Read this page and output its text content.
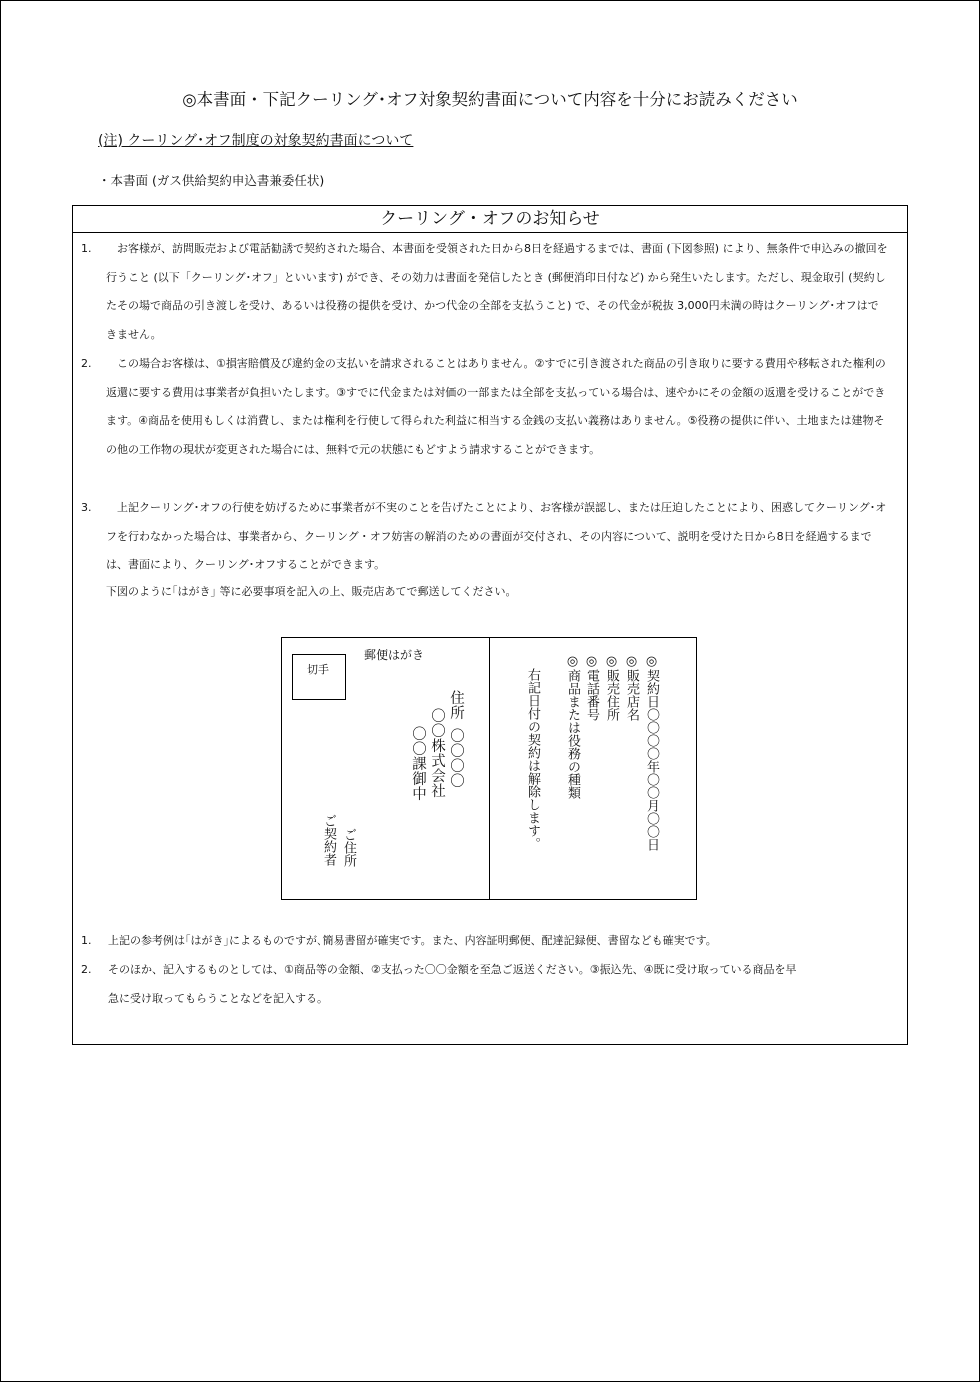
◎本書面・下記クーリング･オフ対象契約書面について内容を十分にお読みください
(注) クーリング･オフ制度の対象契約書面について
・本書面 (ガス供給契約申込書兼委任状)
クーリング・オフのお知らせ
1.	お客様が、訪問販売および電話勧誘で契約された場合、本書面を受領された日から8日を経過するまでは、書面 (下図参照) により、無条件で申込みの撤回を行うこと (以下「クーリング･オフ」といいます) ができ、その効力は書面を発信したとき (郵便消印日付など) から発生いたします。ただし、現金取引 (契約したその場で商品の引き渡しを受け、あるいは役務の提供を受け、かつ代金の全部を支払うこと) で、その代金が税抜 3,000円未満の時はクーリング･オフはできません。
2.	この場合お客様は、①損害賠償及び違約金の支払いを請求されることはありません。②すでに引き渡された商品の引き取りに要する費用や移転された権利の返還に要する費用は事業者が負担いたします。③すでに代金または対価の一部または全部を支払っている場合は、速やかにその金額の返還を受けることができます。④商品を使用もしくは消費し、または権利を行使して得られた利益に相当する金銭の支払い義務はありません。⑤役務の提供に伴い、土地または建物その他の工作物の現状が変更された場合には、無料で元の状態にもどすよう請求することができます。
3.	上記クーリング･オフの行使を妨げるために事業者が不実のことを告げたことにより、お客様が誤認し、または圧迫したことにより、困惑してクーリング･オフを行わなかった場合は、事業者から、クーリング・オフ妨害の解消のための書面が交付され、その内容について、説明を受けた日から8日を経過するまでは、書面により、クーリング･オフすることができます。
下図のように｢はがき｣ 等に必要事項を記入の上、販売店あてで郵送してください。
切手
郵便はがき
住所
〇〇〇〇
〇〇株式会社
〇〇課御中
ご住所
ご契約者	◎契約日〇〇〇〇年〇〇月〇〇日
◎販売店名
◎販売住所
◎電話番号
◎商品または役務の種類
右記日付の契約は解除します。
1.	上記の参考例は｢はがき｣によるものですが､簡易書留が確実です。また、内容証明郵便、配達記録便、書留なども確実です。
2.	そのほか、記入するものとしては、①商品等の金額、②支払った〇〇金額を至急ご返送ください。③振込先、④既に受け取っている商品を早急に受け取ってもらうことなどを記入する。
